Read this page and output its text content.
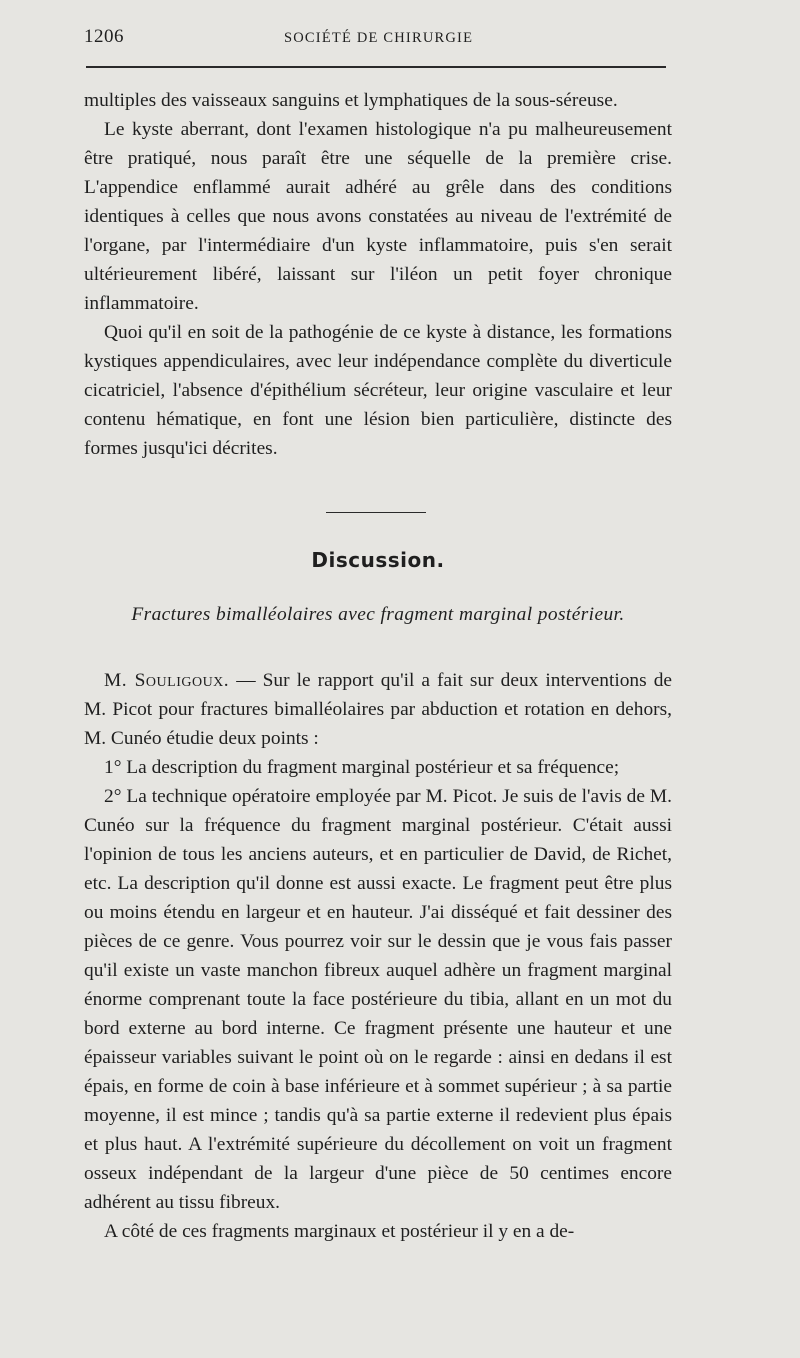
1206	SOCIÉTÉ DE CHIRURGIE

multiples des vaisseaux sanguins et lymphatiques de la sous-séreuse.

Le kyste aberrant, dont l'examen histologique n'a pu malheureusement être pratiqué, nous paraît être une séquelle de la première crise. L'appendice enflammé aurait adhéré au grêle dans des conditions identiques à celles que nous avons constatées au niveau de l'extrémité de l'organe, par l'intermédiaire d'un kyste inflammatoire, puis s'en serait ultérieurement libéré, laissant sur l'iléon un petit foyer chronique inflammatoire.

Quoi qu'il en soit de la pathogénie de ce kyste à distance, les formations kystiques appendiculaires, avec leur indépendance complète du diverticule cicatriciel, l'absence d'épithélium sécréteur, leur origine vasculaire et leur contenu hématique, en font une lésion bien particulière, distincte des formes jusqu'ici décrites.

Discussion.
Fractures bimalléolaires avec fragment marginal postérieur.

M. Souligoux. — Sur le rapport qu'il a fait sur deux interventions de M. Picot pour fractures bimalléolaires par abduction et rotation en dehors, M. Cunéo étudie deux points :

1° La description du fragment marginal postérieur et sa fréquence;

2° La technique opératoire employée par M. Picot. Je suis de l'avis de M. Cunéo sur la fréquence du fragment marginal postérieur. C'était aussi l'opinion de tous les anciens auteurs, et en particulier de David, de Richet, etc. La description qu'il donne est aussi exacte. Le fragment peut être plus ou moins étendu en largeur et en hauteur. J'ai disséqué et fait dessiner des pièces de ce genre. Vous pourrez voir sur le dessin que je vous fais passer qu'il existe un vaste manchon fibreux auquel adhère un fragment marginal énorme comprenant toute la face postérieure du tibia, allant en un mot du bord externe au bord interne. Ce fragment présente une hauteur et une épaisseur variables suivant le point où on le regarde : ainsi en dedans il est épais, en forme de coin à base inférieure et à sommet supérieur ; à sa partie moyenne, il est mince ; tandis qu'à sa partie externe il redevient plus épais et plus haut. A l'extrémité supérieure du décollement on voit un fragment osseux indépendant de la largeur d'une pièce de 50 centimes encore adhérent au tissu fibreux.

A côté de ces fragments marginaux et postérieur il y en a de-
